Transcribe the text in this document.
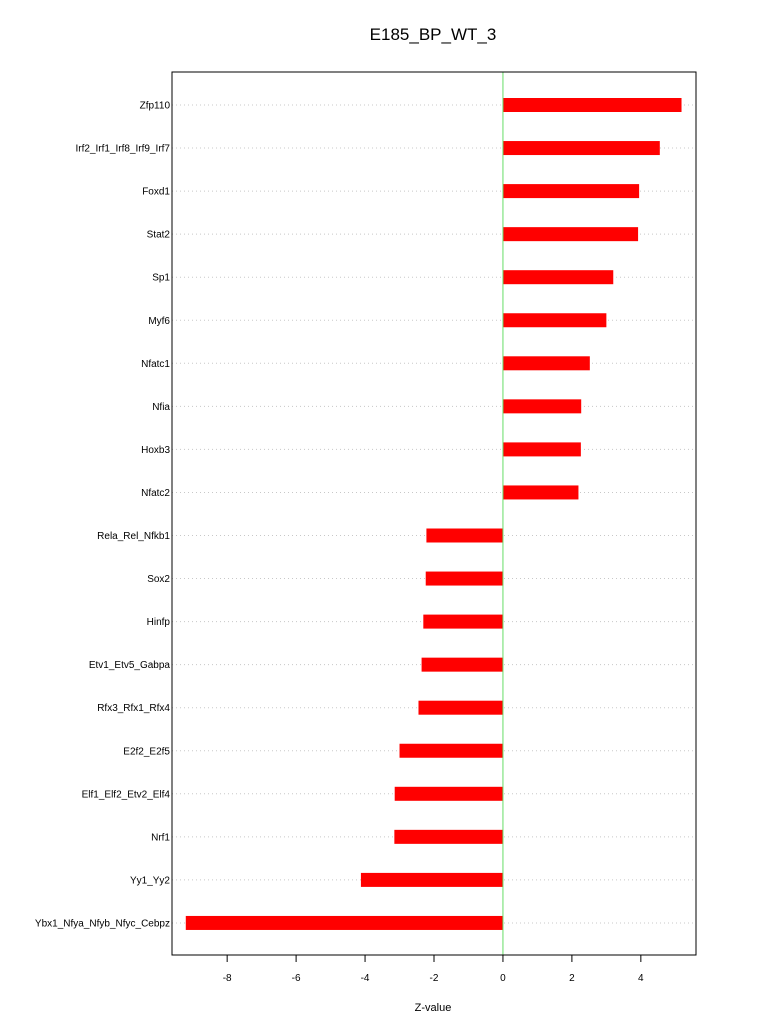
E185_BP_WT_3
Zfp110
Irf2_Irf1_Irf8_Irf9_Irf7
Foxd1
Stat2
Sp1
Myf6
Nfatc1
Nfia
Hoxb3
Nfatc2
Rela_Rel_Nfkb1
Sox2
Hinfp
Etv1_Etv5_Gabpa
Rfx3_Rfx1_Rfx4
E2f2_E2f5
Elf1_Elf2_Etv2_Elf4
Nrf1
Yy1_Yy2
Ybx1_Nfya_Nfyb_Nfyc_Cebpz
-8	-6	-4	-2	0	2	4
Z-value
